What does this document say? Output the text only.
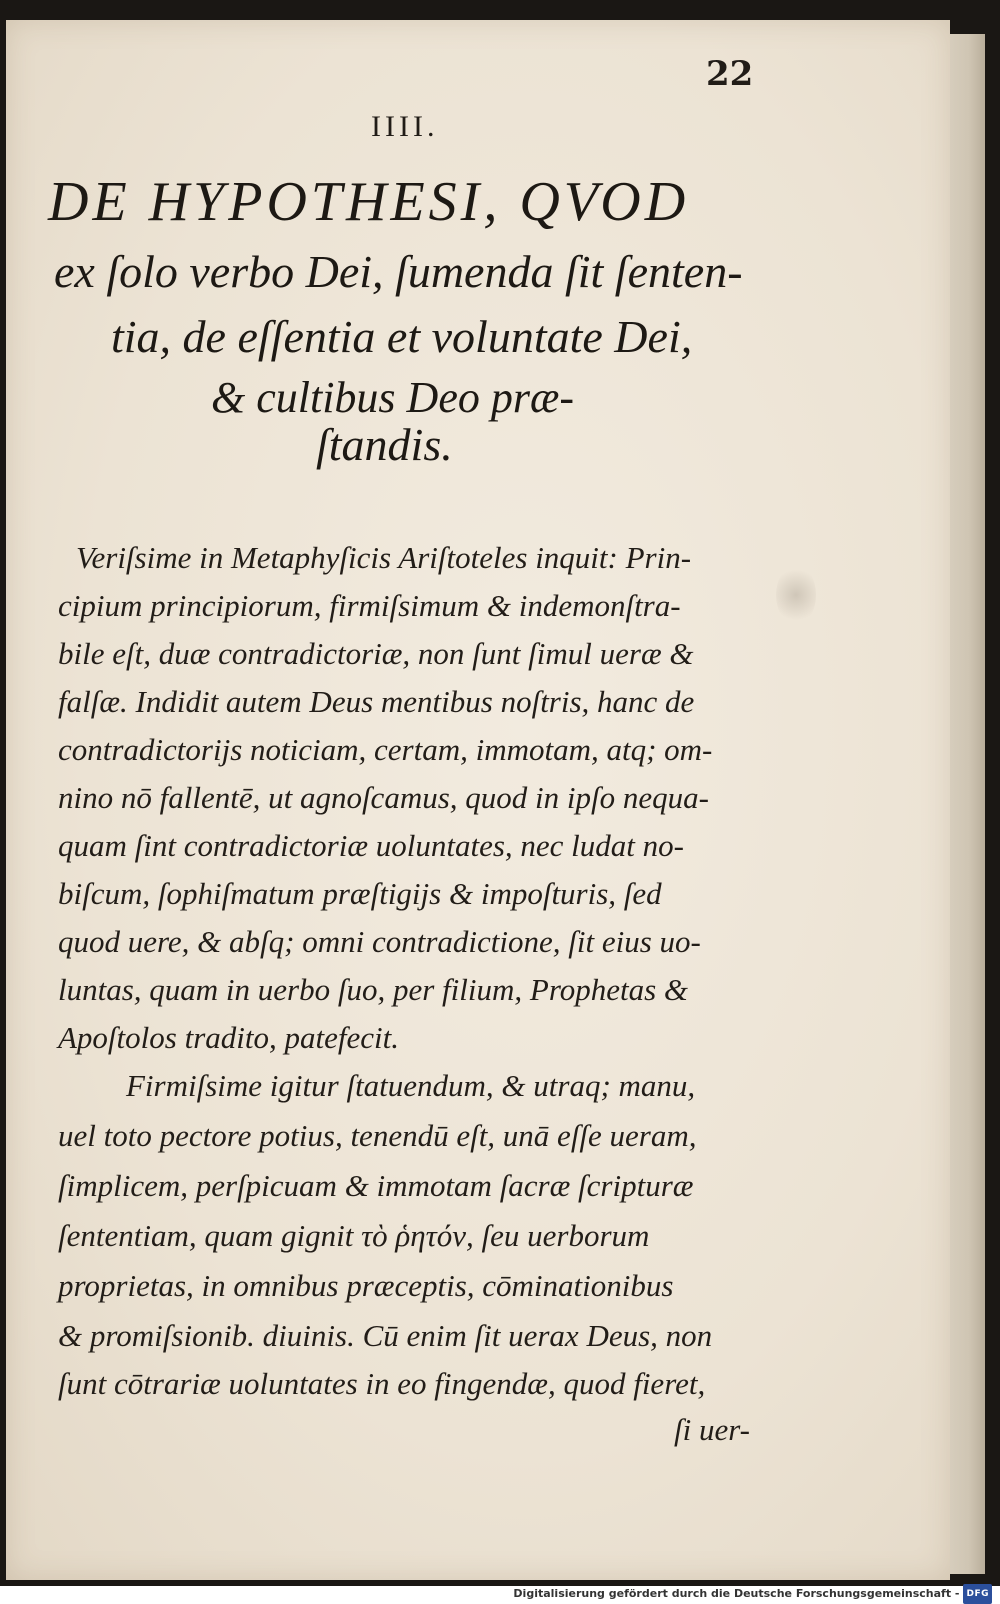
22
IIII.
DE HYPOTHESI, QVOD
ex ſolo verbo Dei, ſumenda ſit ſenten-
tia, de eſſentia et voluntate Dei,
& cultibus Deo præ-
ſtandis.
Veriſsime in Metaphyſicis Ariſtoteles inquit: Prin-
cipium principiorum, firmiſsimum & indemonſtra-
bile eſt, duæ contradictoriæ, non ſunt ſimul ueræ &
falſæ. Indidit autem Deus mentibus noſtris, hanc de
contradictorijs noticiam, certam, immotam, atq; om-
nino nō fallentē, ut agnoſcamus, quod in ipſo nequa-
quam ſint contradictoriæ uoluntates, nec ludat no-
biſcum, ſophiſmatum præſtigijs & impoſturis, ſed
quod uere, & abſq; omni contradictione, ſit eius uo-
luntas, quam in uerbo ſuo, per filium, Prophetas &
Apoſtolos tradito, patefecit.
Firmiſsime igitur ſtatuendum, & utraq; manu,
uel toto pectore potius, tenendū eſt, unā eſſe ueram,
ſimplicem, perſpicuam & immotam ſacræ ſcripturæ
ſententiam, quam gignit τὸ ῥητόν, ſeu uerborum
proprietas, in omnibus præceptis, cōminationibus
& promiſsionib. diuinis. Cū enim ſit uerax Deus, non
ſunt cōtrariæ uoluntates in eo fingendæ, quod fieret,
ſi uer-
Digitalisierung gefördert durch die Deutsche Forschungsgemeinschaft - DFG
